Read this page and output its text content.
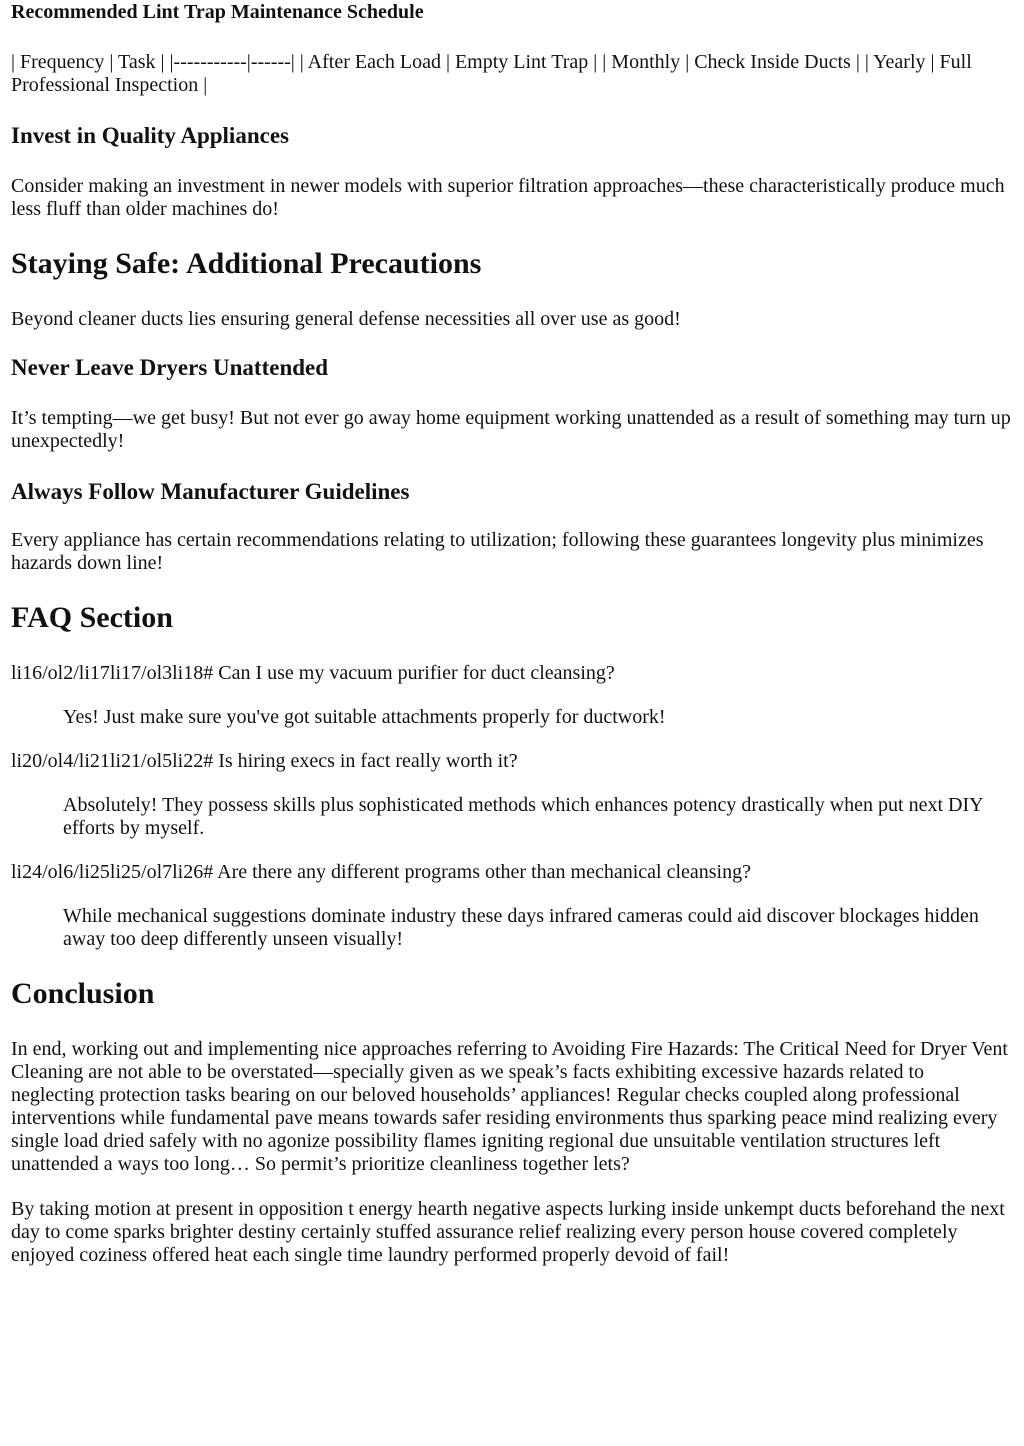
Recommended Lint Trap Maintenance Schedule

| Frequency | Task | |-----------|------| | After Each Load | Empty Lint Trap | | Monthly | Check Inside Ducts | | Yearly | Full Professional Inspection |

Invest in Quality Appliances

Consider making an investment in newer models with superior filtration approaches—these characteristically produce much less fluff than older machines do!

Staying Safe: Additional Precautions

Beyond cleaner ducts lies ensuring general defense necessities all over use as good!

Never Leave Dryers Unattended

It’s tempting—we get busy! But not ever go away home equipment working unattended as a result of something may turn up unexpectedly!

Always Follow Manufacturer Guidelines

Every appliance has certain recommendations relating to utilization; following these guarantees longevity plus minimizes hazards down line!

FAQ Section

li16/ol2/li17li17/ol3li18# Can I use my vacuum purifier for duct cleansing?

Yes! Just make sure you've got suitable attachments properly for ductwork!

li20/ol4/li21li21/ol5li22# Is hiring execs in fact really worth it?

Absolutely! They possess skills plus sophisticated methods which enhances potency drastically when put next DIY efforts by myself.

li24/ol6/li25li25/ol7li26# Are there any different programs other than mechanical cleansing?

While mechanical suggestions dominate industry these days infrared cameras could aid discover blockages hidden away too deep differently unseen visually!

Conclusion

In end, working out and implementing nice approaches referring to Avoiding Fire Hazards: The Critical Need for Dryer Vent Cleaning are not able to be overstated—specially given as we speak’s facts exhibiting excessive hazards related to neglecting protection tasks bearing on our beloved households’ appliances! Regular checks coupled along professional interventions while fundamental pave means towards safer residing environments thus sparking peace mind realizing every single load dried safely with no agonize possibility flames igniting regional due unsuitable ventilation structures left unattended a ways too long… So permit’s prioritize cleanliness together lets?

By taking motion at present in opposition t energy hearth negative aspects lurking inside unkempt ducts beforehand the next day to come sparks brighter destiny certainly stuffed assurance relief realizing every person house covered completely enjoyed coziness offered heat each single time laundry performed properly devoid of fail!
